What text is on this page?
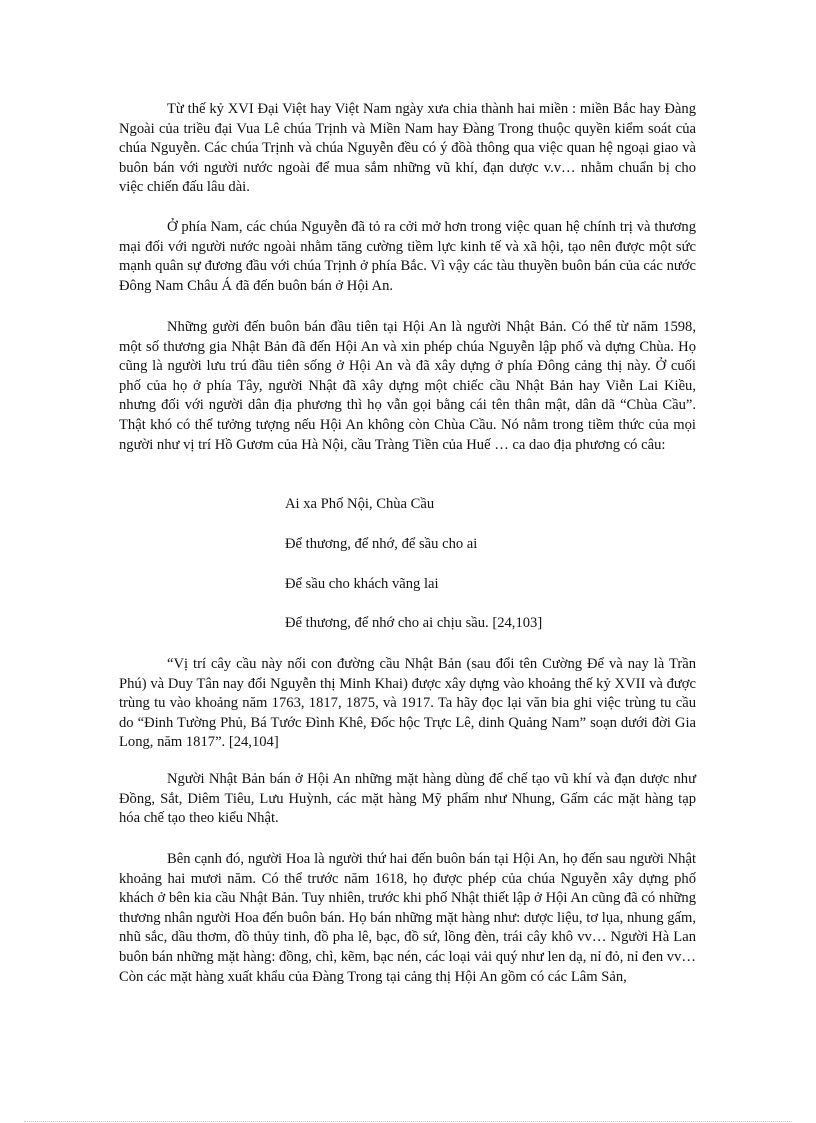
Từ thế kỷ XVI Đại Việt hay Việt Nam ngày xưa chia thành hai miền : miền Bắc hay Đàng Ngoài của triều đại Vua Lê chúa Trịnh và Miền Nam hay Đàng Trong thuộc quyền kiểm soát của chúa Nguyễn. Các chúa Trịnh và chúa Nguyễn đều có ý đồà thông qua việc quan hệ ngoại giao và buôn bán với người nước ngoài để mua sắm những vũ khí, đạn dược v.v… nhằm chuẩn bị cho việc chiến đấu lâu dài.

Ở phía Nam, các chúa Nguyễn đã tỏ ra cởi mở hơn trong việc quan hệ chính trị và thương mại đối với người nước ngoài nhằm tăng cường tiềm lực kinh tế và xã hội, tạo nên được một sức mạnh quân sự đương đầu với chúa Trịnh ở phía Bắc. Vì vậy các tàu thuyền buôn bán của các nước Đông Nam Châu Á đã đến buôn bán ở Hội An.

Những gười đến buôn bán đầu tiên tại Hội An là người Nhật Bản. Có thể từ năm 1598, một số thương gia Nhật Bản đã đến Hội An và xin phép chúa Nguyễn lập phố và dựng Chùa. Họ cũng là người lưu trú đầu tiên sống ở Hội An và đã xây dựng ở phía Đông cảng thị này. Ở cuối phố của họ ở phía Tây, người Nhật đã xây dựng một chiếc cầu Nhật Bản hay Viễn Lai Kiều, nhưng đối với người dân địa phương thì họ vẫn gọi bằng cái tên thân mật, dân dã “Chùa Cầu”. Thật khó có thể tưởng tượng nếu Hội An không còn Chùa Cầu. Nó nằm trong tiềm thức của mọi người như vị trí Hồ Gươm của Hà Nội, cầu Tràng Tiền của Huế … ca dao địa phương có câu:

Ai xa Phố Nội, Chùa Cầu
Để thương, để nhớ, để sầu cho ai
Để sầu cho khách vãng lai
Để thương, để nhớ cho ai chịu sầu. [24,103]

“Vị trí cây cầu này nối con đường cầu Nhật Bản (sau đổi tên Cường Để và nay là Trần Phú) và Duy Tân nay đổi Nguyễn thị Minh Khai) được xây dựng vào khoảng thế kỷ XVII và được trùng tu vào khoảng năm 1763, 1817, 1875, và 1917. Ta hãy đọc lại văn bia ghi việc trùng tu cầu do “Đinh Tường Phủ, Bá Tước Đình Khê, Đốc hộc Trực Lê, dinh Quảng Nam” soạn dưới đời Gia Long, năm 1817”. [24,104]

Người Nhật Bản bán ở Hội An những mặt hàng dùng để chế tạo vũ khí và đạn dược như Đồng, Sắt, Diêm Tiêu, Lưu Huỳnh, các mặt hàng Mỹ phẩm như Nhung, Gấm các mặt hàng tạp hóa chế tạo theo kiểu Nhật.

Bên cạnh đó, người Hoa là người thứ hai đến buôn bán tại Hội An, họ đến sau người Nhật khoảng hai mươi năm. Có thể trước năm 1618, họ được phép của chúa Nguyễn xây dựng phố khách ở bên kia cầu Nhật Bản. Tuy nhiên, trước khi phố Nhật thiết lập ở Hội An cũng đã có những thương nhân người Hoa đến buôn bán. Họ bán những mặt hàng như: dược liệu, tơ lụa, nhung gấm, nhũ sắc, dầu thơm, đồ thủy tinh, đồ pha lê, bạc, đồ sứ, lồng đèn, trái cây khô vv… Người Hà Lan buôn bán những mặt hàng: đồng, chì, kẽm, bạc nén, các loại vải quý như len dạ, nỉ đỏ, nỉ đen vv… Còn các mặt hàng xuất khẩu của Đàng Trong tại cảng thị Hội An gồm có các Lâm Sản,
